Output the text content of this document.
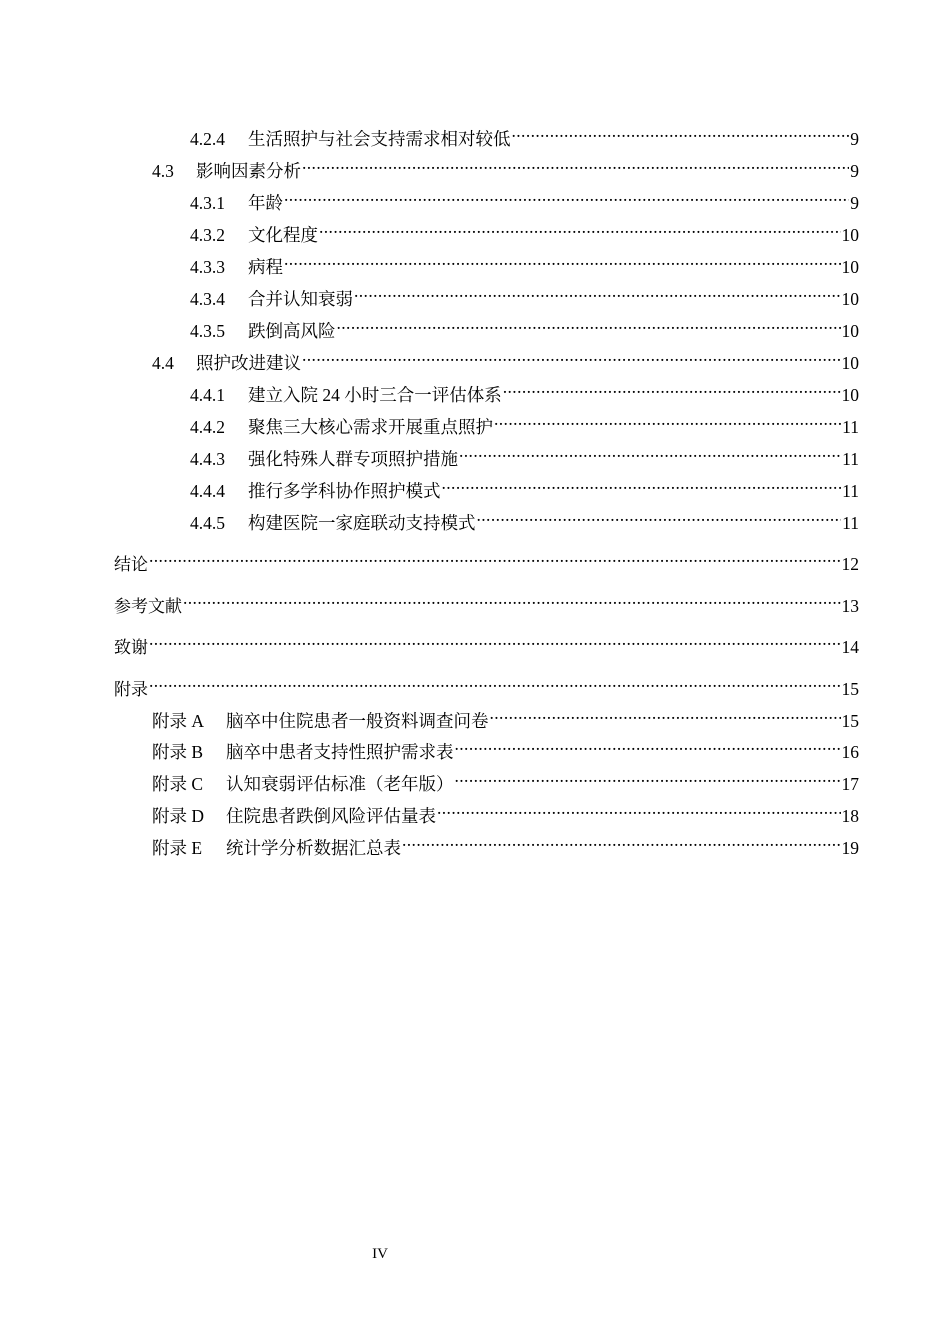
4.2.4	生活照护与社会支持需求相对较低 .....	9
4.3	影响因素分析 .....	9
4.3.1	年龄 .....	9
4.3.2	文化程度 .....	10
4.3.3	病程 .....	10
4.3.4	合并认知衰弱 .....	10
4.3.5	跌倒高风险 .....	10
4.4	照护改进建议 .....	10
4.4.1	建立入院 24 小时三合一评估体系 .....	10
4.4.2	聚焦三大核心需求开展重点照护 .....	11
4.4.3	强化特殊人群专项照护措施 .....	11
4.4.4	推行多学科协作照护模式 .....	11
4.4.5	构建医院一家庭联动支持模式 .....	11
结论 .....	12
参考文献 .....	13
致谢 .....	14
附录 .....	15
附录 A	脑卒中住院患者一般资料调查问卷 .....	15
附录 B	脑卒中患者支持性照护需求表 .....	16
附录 C	认知衰弱评估标准（老年版） .....	17
附录 D	住院患者跌倒风险评估量表 .....	18
附录 E	统计学分析数据汇总表 .....	19
IV
